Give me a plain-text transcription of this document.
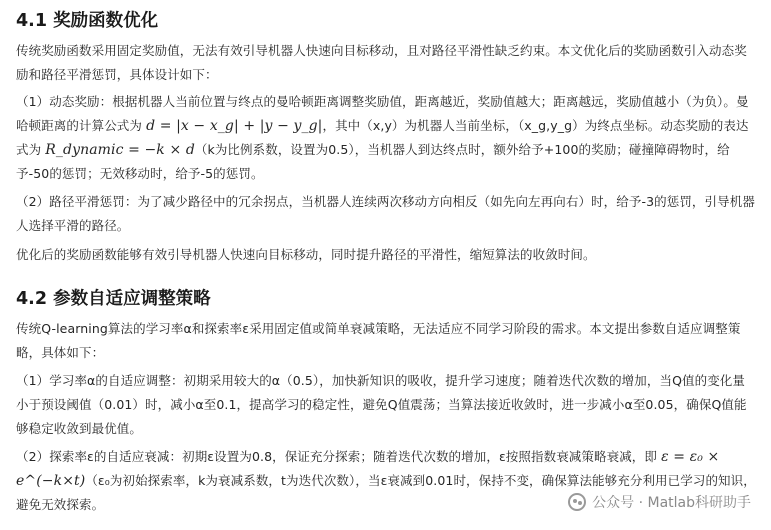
4.1 奖励函数优化

传统奖励函数采用固定奖励值，无法有效引导机器人快速向目标移动，且对路径平滑性缺乏约束。本文优化后的奖励函数引入动态奖励和路径平滑惩罚，具体设计如下：

（1）动态奖励：根据机器人当前位置与终点的曼哈顿距离调整奖励值，距离越近，奖励值越大；距离越远，奖励值越小（为负）。曼哈顿距离的计算公式为 d = |x − x_g| + |y − y_g|，其中（x,y）为机器人当前坐标，（x_g,y_g）为终点坐标。动态奖励的表达式为 R_dynamic = −k × d（k为比例系数，设置为0.5），当机器人到达终点时，额外给予+100的奖励；碰撞障碍物时，给予-50的惩罚；无效移动时，给予-5的惩罚。

（2）路径平滑惩罚：为了减少路径中的冗余拐点，当机器人连续两次移动方向相反（如先向左再向右）时，给予-3的惩罚，引导机器人选择平滑的路径。

优化后的奖励函数能够有效引导机器人快速向目标移动，同时提升路径的平滑性，缩短算法的收敛时间。

4.2 参数自适应调整策略

传统Q-learning算法的学习率α和探索率ε采用固定值或简单衰减策略，无法适应不同学习阶段的需求。本文提出参数自适应调整策略，具体如下：

（1）学习率α的自适应调整：初期采用较大的α（0.5），加快新知识的吸收，提升学习速度；随着迭代次数的增加，当Q值的变化量小于预设阈值（0.01）时，减小α至0.1，提高学习的稳定性，避免Q值震荡；当算法接近收敛时，进一步减小α至0.05，确保Q值能够稳定收敛到最优值。

（2）探索率ε的自适应衰减：初期ε设置为0.8，保证充分探索；随着迭代次数的增加，ε按照指数衰减策略衰减，即 ε = ε₀ × e^(−k×t)（ε₀为初始探索率，k为衰减系数，t为迭代次数），当ε衰减到0.01时，保持不变，确保算法能够充分利用已学习的知识，避免无效探索。	公众号 · Matlab科研助手
